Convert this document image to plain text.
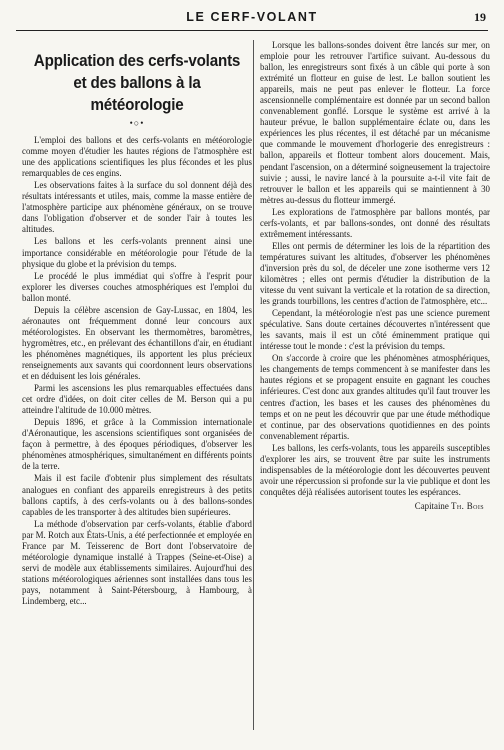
LE CERF-VOLANT	19
Application des cerfs-volants
et des ballons à la météorologie
•○•

L'emploi des ballons et des cerfs-volants en météorologie comme moyen d'étudier les hautes régions de l'atmosphère est une des applications scientifiques les plus fécondes et les plus remarquables de ces engins.

Les observations faites à la surface du sol donnent déjà des résultats intéressants et utiles, mais, comme la masse entière de l'atmosphère participe aux phénomène généraux, on se trouve dans l'obligation d'observer et de sonder l'air à toutes les altitudes.

Les ballons et les cerfs-volants prennent ainsi une importance considérable en météorologie pour l'étude de la physique du globe et la prévision du temps.

Le procédé le plus immédiat qui s'offre à l'esprit pour explorer les diverses couches atmosphériques est l'emploi du ballon monté.

Depuis la célèbre ascension de Gay-Lussac, en 1804, les aéronautes ont fréquemment donné leur concours aux météorologistes. En observant les thermomètres, baromètres, hygromètres, etc., en prélevant des échantillons d'air, en étudiant les phénomènes magnétiques, ils apportent les plus précieux renseignements aux savants qui coordonnent leurs observations et en déduisent les lois générales.

Parmi les ascensions les plus remarquables effectuées dans cet ordre d'idées, on doit citer celles de M. Berson qui a pu atteindre l'altitude de 10.000 mètres.

Depuis 1896, et grâce à la Commission internationale d'Aéronautique, les ascensions scientifiques sont organisées de façon à permettre, à des époques périodiques, d'observer les phénomènes atmosphériques, simultanément en différents points de la terre.

Mais il est facile d'obtenir plus simplement des résultats analogues en confiant des appareils enregistreurs à des petits ballons captifs, à des cerfs-volants ou à des ballons-sondes capables de les transporter à des altitudes bien supérieures.

La méthode d'observation par cerfs-volants, établie d'abord par M. Rotch aux États-Unis, a été perfectionnée et employée en France par M. Teisserenc de Bort dont l'observatoire de météorologie dynamique installé à Trappes (Seine-et-Oise) a servi de modèle aux établissements similaires. Aujourd'hui des stations météorologiques aériennes sont installées dans tous les pays, notamment à Saint-Pétersbourg, à Hambourg, à Lindemberg, etc...

Lorsque les ballons-sondes doivent être lancés sur mer, on emploie pour les retrouver l'artifice suivant. Au-dessous du ballon, les enregistreurs sont fixés à un câble qui porte à son extrémité un flotteur en guise de lest. Le ballon soutient les appareils, mais ne peut pas enlever le flotteur. La force ascensionnelle complémentaire est donnée par un second ballon convenablement gonflé. Lorsque le système est arrivé à la hauteur prévue, le ballon supplémentaire éclate ou, dans les expériences les plus récentes, il est détaché par un mécanisme que commande le mouvement d'horlogerie des enregistreurs : ballon, appareils et flotteur tombent alors doucement. Mais, pendant l'ascension, on a déterminé soigneusement la trajectoire suivie ; aussi, le navire lancé à la poursuite a-t-il vite fait de retrouver le ballon et les appareils qui se maintiennent à 30 mètres au-dessus du flotteur immergé.

Les explorations de l'atmosphère par ballons montés, par cerfs-volants, et par ballons-sondes, ont donné des résultats extrêmement intéressants.

Elles ont permis de déterminer les lois de la répartition des températures suivant les altitudes, d'observer les phénomènes d'inversion près du sol, de déceler une zone isotherme vers 12 kilomètres ; elles ont permis d'étudier la distribution de la vitesse du vent suivant la verticale et la rotation de sa direction, les grands tourbillons, les centres d'action de l'atmosphère, etc...

Cependant, la météorologie n'est pas une science purement spéculative. Sans doute certaines découvertes n'intéressent que les savants, mais il est un côté éminemment pratique qui intéresse tout le monde : c'est la prévision du temps.

On s'accorde à croire que les phénomènes atmosphériques, les changements de temps commencent à se manifester dans les hautes régions et se propagent ensuite en gagnant les couches inférieures. C'est donc aux grandes altitudes qu'il faut trouver les centres d'action, les bases et les causes des phénomènes du temps et on ne peut les découvrir que par une étude méthodique et continue, par des observations quotidiennes en des points convenablement répartis.

Les ballons, les cerfs-volants, tous les appareils susceptibles d'explorer les airs, se trouvent être par suite les instruments indispensables de la météorologie dont les découvertes peuvent avoir une répercussion si profonde sur la vie publique et dont les conquêtes déjà réalisées autorisent toutes les espérances.

Capitaine Th. Bois
